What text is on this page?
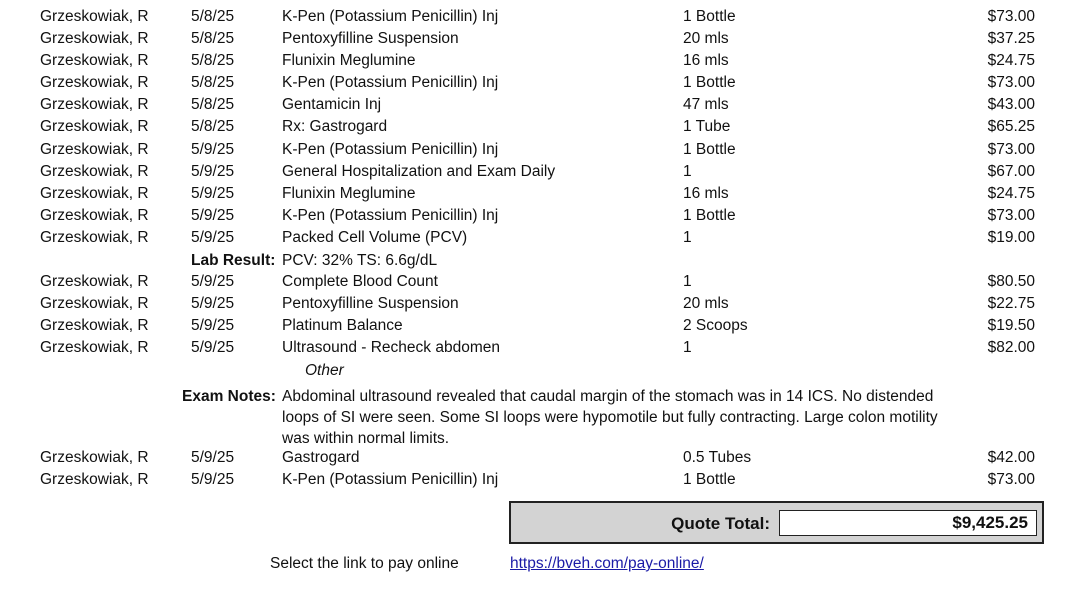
Grzeskowiak, R	5/8/25	K-Pen (Potassium Penicillin) Inj	1 Bottle	$73.00
Grzeskowiak, R	5/8/25	Pentoxyfilline Suspension	20 mls	$37.25
Grzeskowiak, R	5/8/25	Flunixin Meglumine	16 mls	$24.75
Grzeskowiak, R	5/8/25	K-Pen (Potassium Penicillin) Inj	1 Bottle	$73.00
Grzeskowiak, R	5/8/25	Gentamicin Inj	47 mls	$43.00
Grzeskowiak, R	5/8/25	Rx: Gastrogard	1 Tube	$65.25
Grzeskowiak, R	5/9/25	K-Pen (Potassium Penicillin) Inj	1 Bottle	$73.00
Grzeskowiak, R	5/9/25	General Hospitalization and Exam Daily	1	$67.00
Grzeskowiak, R	5/9/25	Flunixin Meglumine	16 mls	$24.75
Grzeskowiak, R	5/9/25	K-Pen (Potassium Penicillin) Inj	1 Bottle	$73.00
Grzeskowiak, R	5/9/25	Packed Cell Volume (PCV)	1	$19.00
Lab Result: PCV: 32% TS: 6.6g/dL
Grzeskowiak, R	5/9/25	Complete Blood Count	1	$80.50
Grzeskowiak, R	5/9/25	Pentoxyfilline Suspension	20 mls	$22.75
Grzeskowiak, R	5/9/25	Platinum Balance	2 Scoops	$19.50
Grzeskowiak, R	5/9/25	Ultrasound - Recheck abdomen	1	$82.00
Other
Exam Notes: Abdominal ultrasound revealed that caudal margin of the stomach was in 14 ICS. No distended loops of SI were seen. Some SI loops were hypomotile but fully contracting. Large colon motility was within normal limits.
Grzeskowiak, R	5/9/25	Gastrogard	0.5 Tubes	$42.00
Grzeskowiak, R	5/9/25	K-Pen (Potassium Penicillin) Inj	1 Bottle	$73.00
Quote Total:	$9,425.25
Select the link to pay online	https://bveh.com/pay-online/
